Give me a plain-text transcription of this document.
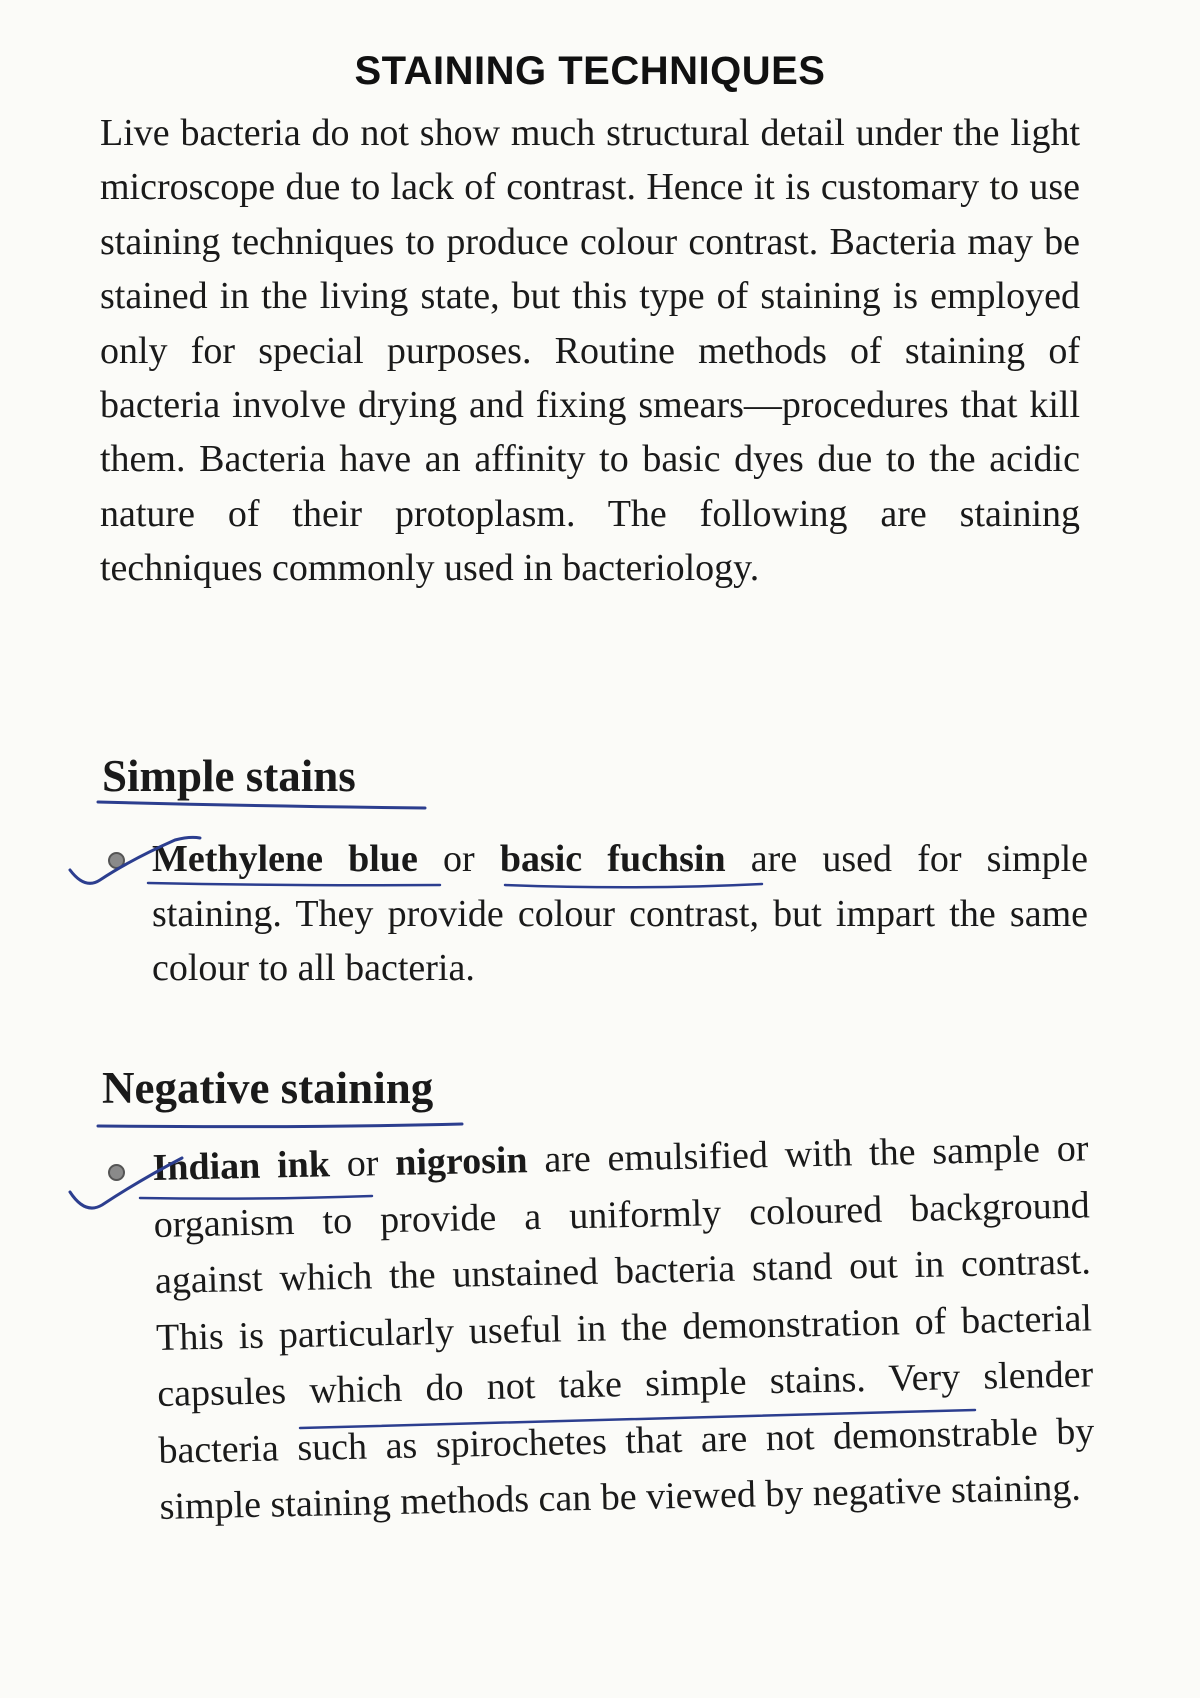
STAINING TECHNIQUES

Live bacteria do not show much structural detail under the light microscope due to lack of contrast. Hence it is customary to use staining techniques to produce colour contrast. Bacteria may be stained in the living state, but this type of staining is employed only for special purposes. Routine methods of staining of bacteria involve drying and fixing smears—procedures that kill them. Bacteria have an affinity to basic dyes due to the acidic nature of their protoplasm. The following are staining techniques commonly used in bacteriology.

Simple stains

Methylene blue or basic fuchsin are used for simple staining. They provide colour contrast, but impart the same colour to all bacteria.

Negative staining

Indian ink or nigrosin are emulsified with the sample or organism to provide a uniformly coloured background against which the unstained bacteria stand out in contrast. This is particularly useful in the demonstration of bacterial capsules which do not take simple stains. Very slender bacteria such as spirochetes that are not demonstrable by simple staining methods can be viewed by negative staining.
